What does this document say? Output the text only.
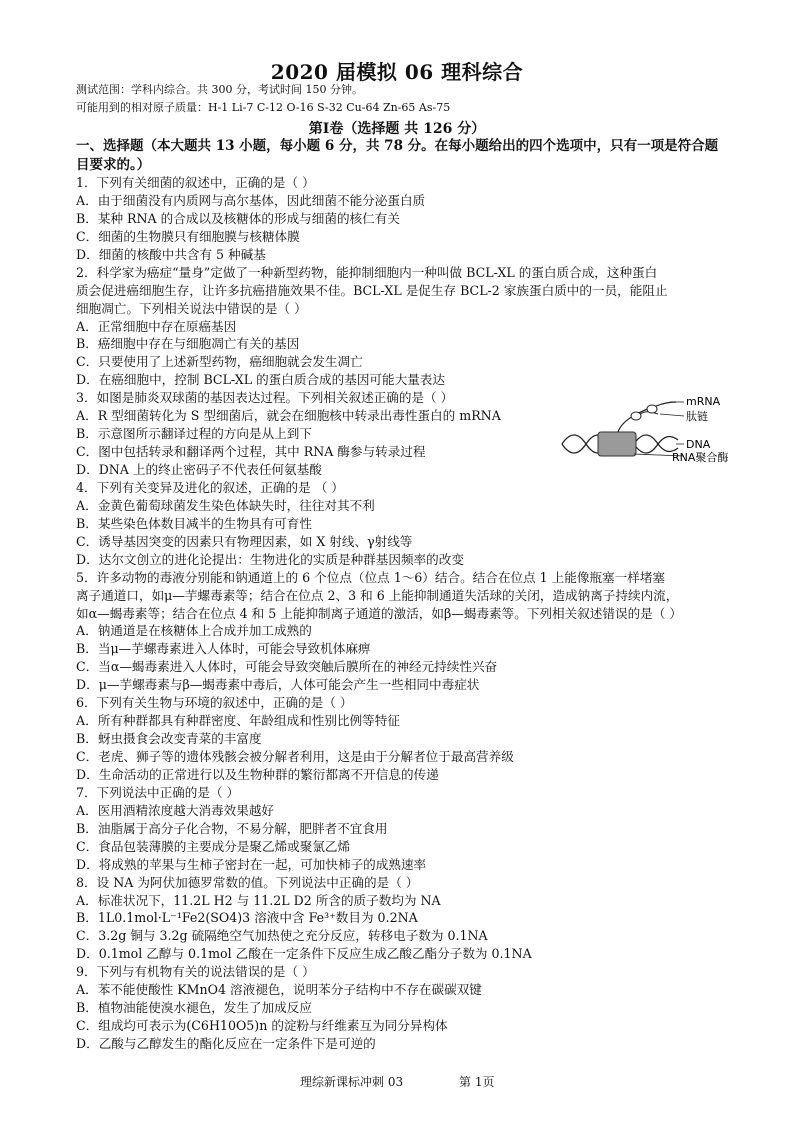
2020 届模拟 06 理科综合
测试范围：学科内综合。共 300 分，考试时间 150 分钟。
可能用到的相对原子质量：H-1 Li-7 C-12 O-16 S-32 Cu-64 Zn-65 As-75
第Ⅰ卷（选择题 共 126 分）
一、选择题（本大题共 13 小题，每小题 6 分，共 78 分。在每小题给出的四个选项中，只有一项是符合题目要求的。）
1．下列有关细菌的叙述中，正确的是（ ）
A．由于细菌没有内质网与高尔基体，因此细菌不能分泌蛋白质
B．某种 RNA 的合成以及核糖体的形成与细菌的核仁有关
C．细菌的生物膜只有细胞膜与核糖体膜
D．细菌的核酸中共含有 5 种碱基
2．科学家为癌症“量身”定做了一种新型药物，能抑制细胞内一种叫做 BCL-XL 的蛋白质合成，这种蛋白
质会促进癌细胞生存，让许多抗癌措施效果不佳。BCL-XL 是促生存 BCL-2 家族蛋白质中的一员，能阻止
细胞凋亡。下列相关说法中错误的是（ ）
A．正常细胞中存在原癌基因
B．癌细胞中存在与细胞凋亡有关的基因
C．只要使用了上述新型药物，癌细胞就会发生凋亡
D．在癌细胞中，控制 BCL-XL 的蛋白质合成的基因可能大量表达
3．如图是肺炎双球菌的基因表达过程。下列相关叙述正确的是（ ）
A．R 型细菌转化为 S 型细菌后，就会在细胞核中转录出毒性蛋白的 mRNA
B．示意图所示翻译过程的方向是从上到下
C．图中包括转录和翻译两个过程，其中 RNA 酶参与转录过程
D．DNA 上的终止密码子不代表任何氨基酸
4．下列有关变异及进化的叙述，正确的是 （ ）
A．金黄色葡萄球菌发生染色体缺失时，往往对其不利
B．某些染色体数目减半的生物具有可育性
C．诱导基因突变的因素只有物理因素，如 X 射线、γ射线等
D．达尔文创立的进化论提出：生物进化的实质是种群基因频率的改变
5．许多动物的毒液分别能和钠通道上的 6 个位点（位点 1～6）结合。结合在位点 1 上能像瓶塞一样堵塞
离子通道口，如μ—芋螺毒素等；结合在位点 2、3 和 6 上能抑制通道失活球的关闭，造成钠离子持续内流，
如α—蝎毒素等；结合在位点 4 和 5 上能抑制离子通道的激活，如β—蝎毒素等。下列相关叙述错误的是（ ）
A．钠通道是在核糖体上合成并加工成熟的
B．当μ—芋螺毒素进入人体时，可能会导致机体麻痹
C．当α—蝎毒素进入人体时，可能会导致突触后膜所在的神经元持续性兴奋
D．μ—芋螺毒素与β—蝎毒素中毒后，人体可能会产生一些相同中毒症状
6．下列有关生物与环境的叙述中，正确的是（ ）
A．所有种群都具有种群密度、年龄组成和性别比例等特征
B．蚜虫摄食会改变青菜的丰富度
C．老虎、狮子等的遗体残骸会被分解者利用，这是由于分解者位于最高营养级
D．生命活动的正常进行以及生物种群的繁衍都离不开信息的传递
7．下列说法中正确的是（ ）
A．医用酒精浓度越大消毒效果越好
B．油脂属于高分子化合物，不易分解，肥胖者不宜食用
C．食品包装薄膜的主要成分是聚乙烯或聚氯乙烯
D．将成熟的苹果与生柿子密封在一起，可加快柿子的成熟速率
8．设 NA 为阿伏加德罗常数的值。下列说法中正确的是（ ）
A．标准状况下，11.2L H2 与 11.2L D2 所含的质子数均为 NA
B．1L0.1mol·L⁻¹Fe2(SO4)3 溶液中含 Fe³⁺数目为 0.2NA
C．3.2g 铜与 3.2g 硫隔绝空气加热使之充分反应，转移电子数为 0.1NA
D．0.1mol 乙醇与 0.1mol 乙酸在一定条件下反应生成乙酸乙酯分子数为 0.1NA
9．下列与有机物有关的说法错误的是（ ）
A．苯不能使酸性 KMnO4 溶液褪色，说明苯分子结构中不存在碳碳双键
B．植物油能使溴水褪色，发生了加成反应
C．组成均可表示为(C6H10O5)n 的淀粉与纤维素互为同分异构体
D．乙酸与乙醇发生的酯化反应在一定条件下是可逆的
mRNA
肽链
DNA
RNA聚合酶
理综新课标冲刺 03	第 1页
